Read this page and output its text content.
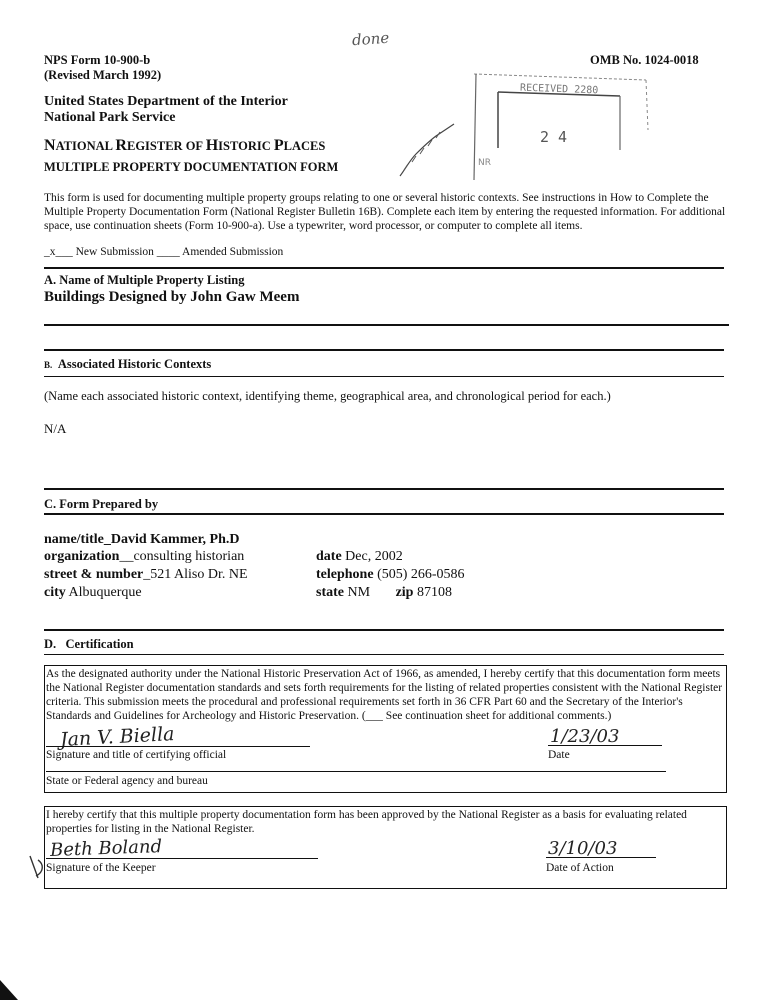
NPS Form 10-900-b
(Revised March 1992)
OMB No. 1024-0018
done
United States Department of the Interior
National Park Service
NATIONAL REGISTER OF HISTORIC PLACES
MULTIPLE PROPERTY DOCUMENTATION FORM
RECEIVED 2280
2 4
NR
This form is used for documenting multiple property groups relating to one or several historic contexts. See instructions in How to Complete the Multiple Property Documentation Form (National Register Bulletin 16B). Complete each item by entering the requested information. For additional space, use continuation sheets (Form 10-900-a). Use a typewriter, word processor, or computer to complete all items.
_x___ New Submission ____ Amended Submission
A. Name of Multiple Property Listing
Buildings Designed by John Gaw Meem
B. Associated Historic Contexts
(Name each associated historic context, identifying theme, geographical area, and chronological period for each.)
N/A
C. Form Prepared by
name/title_David Kammer, Ph.D
organization__consulting historian
street & number_521 Aliso Dr. NE
city Albuquerque
date Dec, 2002
telephone (505) 266-0586
state NM zip 87108
D. Certification
As the designated authority under the National Historic Preservation Act of 1966, as amended, I hereby certify that this documentation form meets the National Register documentation standards and sets forth requirements for the listing of related properties consistent with the National Register criteria. This submission meets the procedural and professional requirements set forth in 36 CFR Part 60 and the Secretary of the Interior's Standards and Guidelines for Archeology and Historic Preservation. (___ See continuation sheet for additional comments.)
Jan V. Biella
Signature and title of certifying official
1/23/03
Date
State or Federal agency and bureau
I hereby certify that this multiple property documentation form has been approved by the National Register as a basis for evaluating related properties for listing in the National Register.
Beth Boland
Signature of the Keeper
3/10/03
Date of Action
